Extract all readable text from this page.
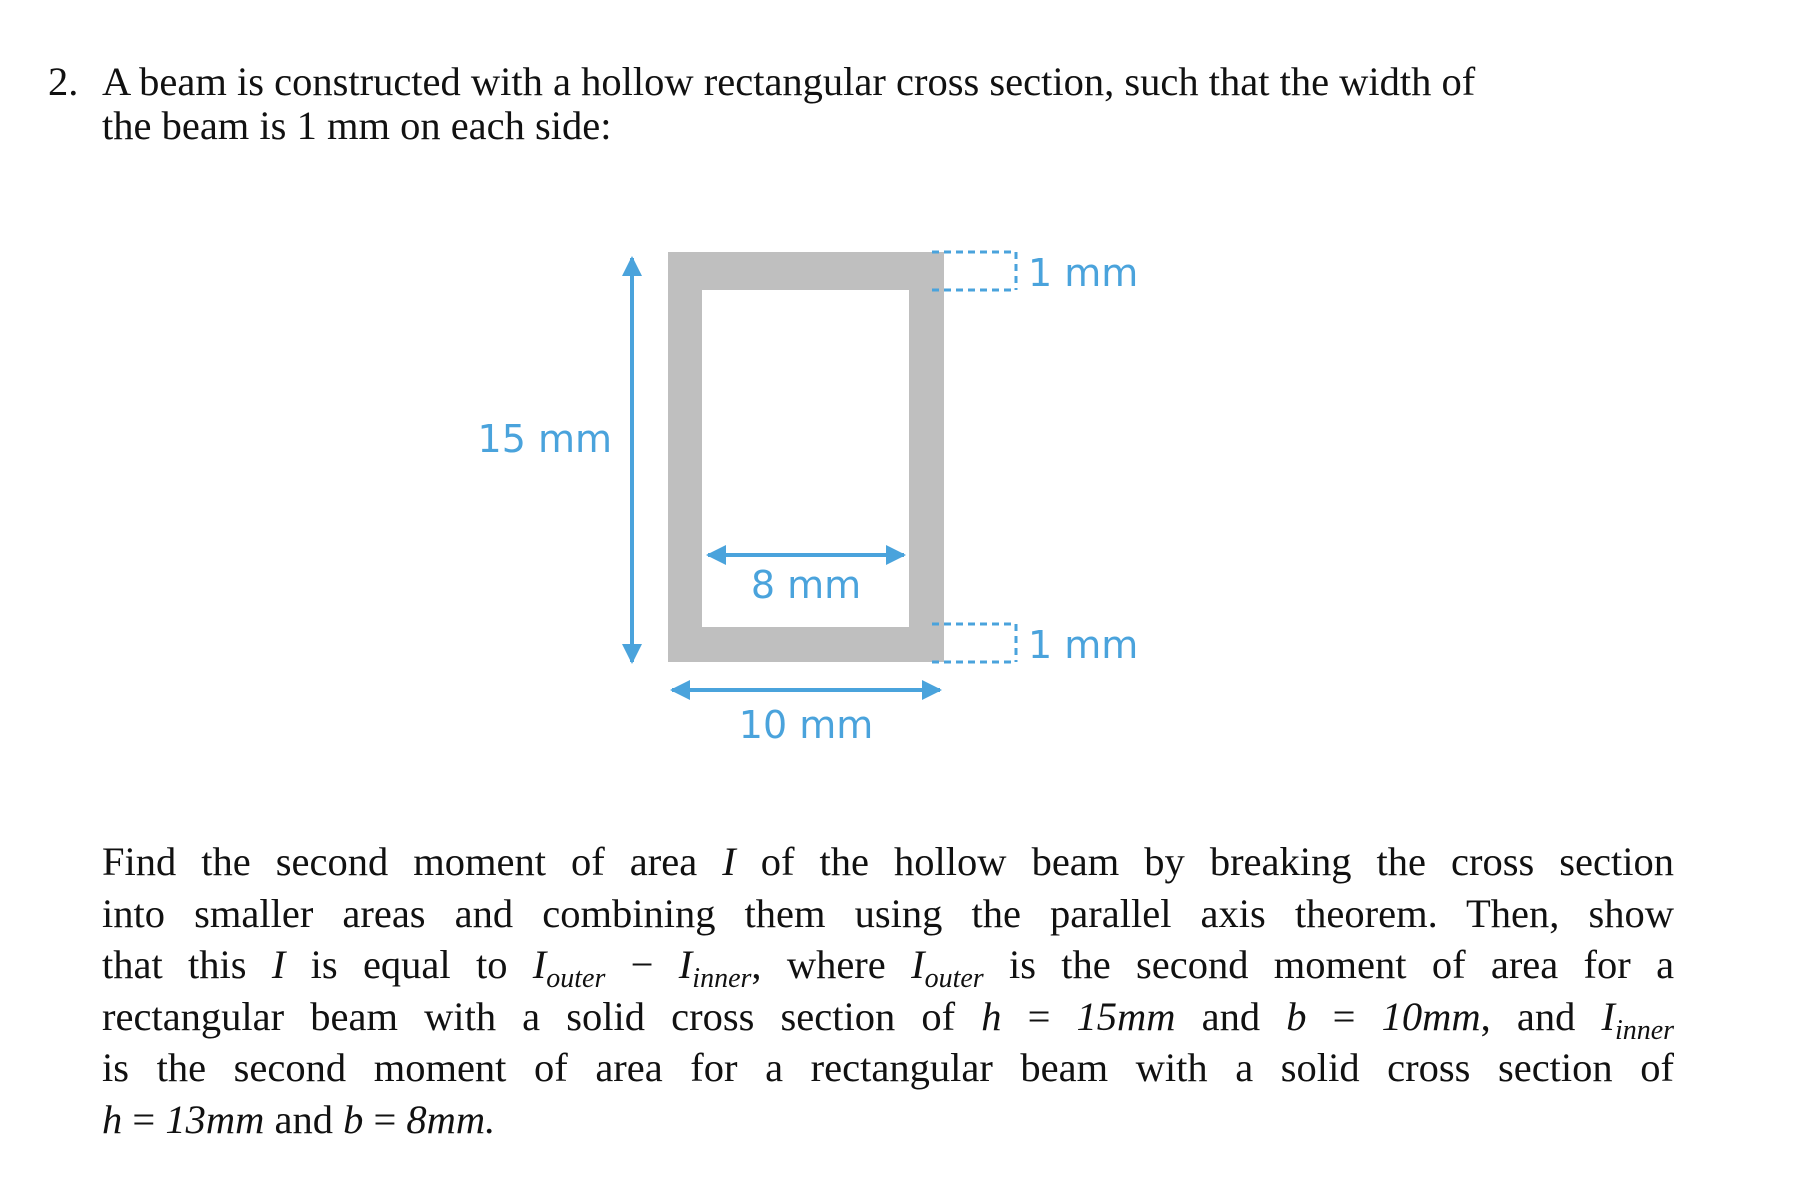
2. A beam is constructed with a hollow rectangular cross section, such that the width of
the beam is 1 mm on each side:
15 mm
8 mm
10 mm
1 mm
1 mm
Find the second moment of area I of the hollow beam by breaking the cross section
into smaller areas and combining them using the parallel axis theorem. Then, show
that this I is equal to $I_{outer} - I_{inner}$, where $I_{outer}$ is the second moment of area for a
rectangular beam with a solid cross section of h = 15mm and b = 10mm, and $I_{inner}$
is the second moment of area for a rectangular beam with a solid cross section of
h = 13mm and b = 8mm.
